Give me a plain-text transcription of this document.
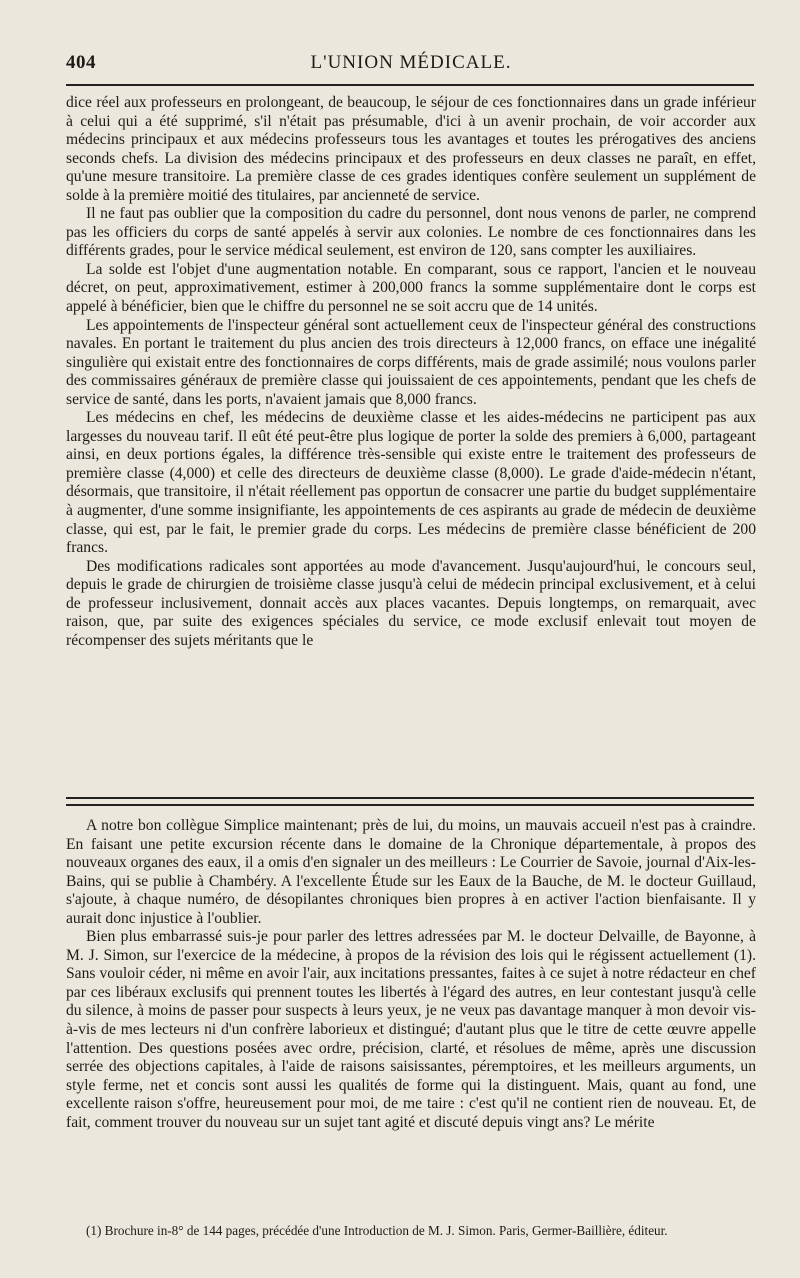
404	L'UNION MÉDICALE.

dice réel aux professeurs en prolongeant, de beaucoup, le séjour de ces fonctionnaires dans un grade inférieur à celui qui a été supprimé, s'il n'était pas présumable, d'ici à un avenir prochain, de voir accorder aux médecins principaux et aux médecins professeurs tous les avantages et toutes les prérogatives des anciens seconds chefs. La division des médecins principaux et des professeurs en deux classes ne paraît, en effet, qu'une mesure transitoire. La première classe de ces grades identiques confère seulement un supplément de solde à la première moitié des titulaires, par ancienneté de service.

Il ne faut pas oublier que la composition du cadre du personnel, dont nous venons de parler, ne comprend pas les officiers du corps de santé appelés à servir aux colonies. Le nombre de ces fonctionnaires dans les différents grades, pour le service médical seulement, est environ de 120, sans compter les auxiliaires.

La solde est l'objet d'une augmentation notable. En comparant, sous ce rapport, l'ancien et le nouveau décret, on peut, approximativement, estimer à 200,000 francs la somme supplémentaire dont le corps est appelé à bénéficier, bien que le chiffre du personnel ne se soit accru que de 14 unités.

Les appointements de l'inspecteur général sont actuellement ceux de l'inspecteur général des constructions navales. En portant le traitement du plus ancien des trois directeurs à 12,000 francs, on efface une inégalité singulière qui existait entre des fonctionnaires de corps différents, mais de grade assimilé; nous voulons parler des commissaires généraux de première classe qui jouissaient de ces appointements, pendant que les chefs de service de santé, dans les ports, n'avaient jamais que 8,000 francs.

Les médecins en chef, les médecins de deuxième classe et les aides-médecins ne participent pas aux largesses du nouveau tarif. Il eût été peut-être plus logique de porter la solde des premiers à 6,000, partageant ainsi, en deux portions égales, la différence très-sensible qui existe entre le traitement des professeurs de première classe (4,000) et celle des directeurs de deuxième classe (8,000). Le grade d'aide-médecin n'étant, désormais, que transitoire, il n'était réellement pas opportun de consacrer une partie du budget supplémentaire à augmenter, d'une somme insignifiante, les appointements de ces aspirants au grade de médecin de deuxième classe, qui est, par le fait, le premier grade du corps. Les médecins de première classe bénéficient de 200 francs.

Des modifications radicales sont apportées au mode d'avancement. Jusqu'aujourd'hui, le concours seul, depuis le grade de chirurgien de troisième classe jusqu'à celui de médecin principal exclusivement, et à celui de professeur inclusivement, donnait accès aux places vacantes. Depuis longtemps, on remarquait, avec raison, que, par suite des exigences spéciales du service, ce mode exclusif enlevait tout moyen de récompenser des sujets méritants que le

A notre bon collègue Simplice maintenant; près de lui, du moins, un mauvais accueil n'est pas à craindre. En faisant une petite excursion récente dans le domaine de la Chronique départementale, à propos des nouveaux organes des eaux, il a omis d'en signaler un des meilleurs : Le Courrier de Savoie, journal d'Aix-les-Bains, qui se publie à Chambéry. A l'excellente Étude sur les Eaux de la Bauche, de M. le docteur Guillaud, s'ajoute, à chaque numéro, de désopilantes chroniques bien propres à en activer l'action bienfaisante. Il y aurait donc injustice à l'oublier.

Bien plus embarrassé suis-je pour parler des lettres adressées par M. le docteur Delvaille, de Bayonne, à M. J. Simon, sur l'exercice de la médecine, à propos de la révision des lois qui le régissent actuellement (1). Sans vouloir céder, ni même en avoir l'air, aux incitations pressantes, faites à ce sujet à notre rédacteur en chef par ces libéraux exclusifs qui prennent toutes les libertés à l'égard des autres, en leur contestant jusqu'à celle du silence, à moins de passer pour suspects à leurs yeux, je ne veux pas davantage manquer à mon devoir vis-à-vis de mes lecteurs ni d'un confrère laborieux et distingué; d'autant plus que le titre de cette œuvre appelle l'attention. Des questions posées avec ordre, précision, clarté, et résolues de même, après une discussion serrée des objections capitales, à l'aide de raisons saisissantes, péremptoires, et les meilleurs arguments, un style ferme, net et concis sont aussi les qualités de forme qui la distinguent. Mais, quant au fond, une excellente raison s'offre, heureusement pour moi, de me taire : c'est qu'il ne contient rien de nouveau. Et, de fait, comment trouver du nouveau sur un sujet tant agité et discuté depuis vingt ans? Le mérite

(1) Brochure in-8° de 144 pages, précédée d'une Introduction de M. J. Simon. Paris, Germer-Baillière, éditeur.
